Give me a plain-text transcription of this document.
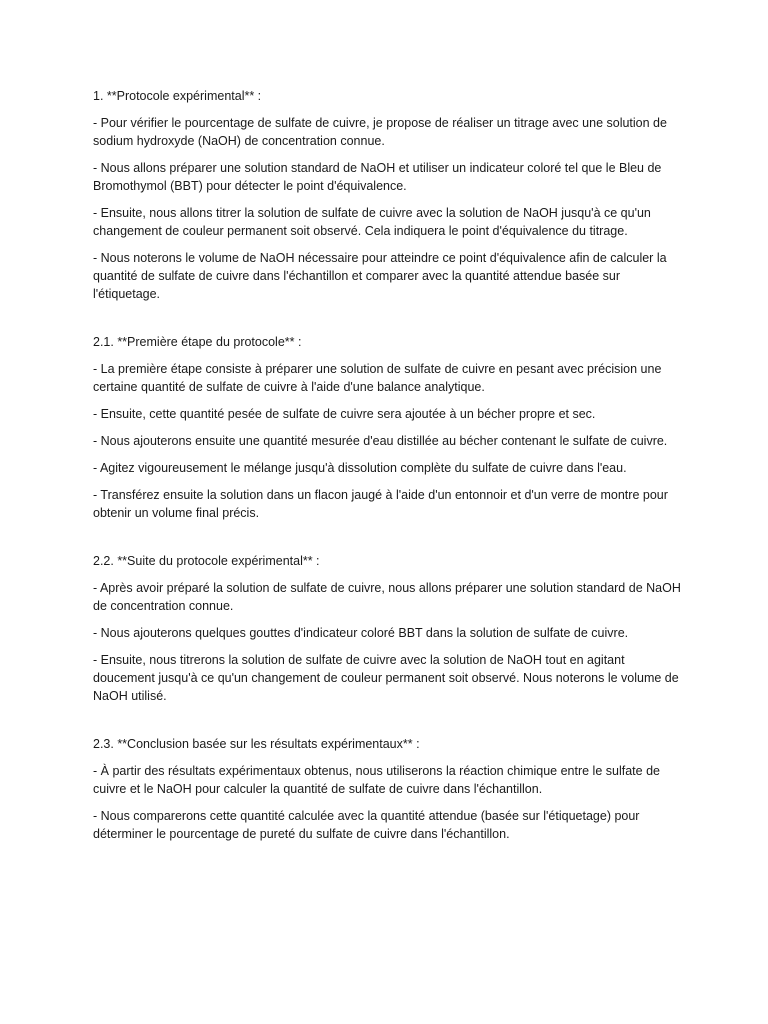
1. **Protocole expérimental** :

- Pour vérifier le pourcentage de sulfate de cuivre, je propose de réaliser un titrage avec une solution de sodium hydroxyde (NaOH) de concentration connue.

- Nous allons préparer une solution standard de NaOH et utiliser un indicateur coloré tel que le Bleu de Bromothymol (BBT) pour détecter le point d'équivalence.

- Ensuite, nous allons titrer la solution de sulfate de cuivre avec la solution de NaOH jusqu'à ce qu'un changement de couleur permanent soit observé. Cela indiquera le point d'équivalence du titrage.

- Nous noterons le volume de NaOH nécessaire pour atteindre ce point d'équivalence afin de calculer la quantité de sulfate de cuivre dans l'échantillon et comparer avec la quantité attendue basée sur l'étiquetage.

2.1. **Première étape du protocole** :

- La première étape consiste à préparer une solution de sulfate de cuivre en pesant avec précision une certaine quantité de sulfate de cuivre à l'aide d'une balance analytique.

- Ensuite, cette quantité pesée de sulfate de cuivre sera ajoutée à un bécher propre et sec.

- Nous ajouterons ensuite une quantité mesurée d'eau distillée au bécher contenant le sulfate de cuivre.

- Agitez vigoureusement le mélange jusqu'à dissolution complète du sulfate de cuivre dans l'eau.

- Transférez ensuite la solution dans un flacon jaugé à l'aide d'un entonnoir et d'un verre de montre pour obtenir un volume final précis.

2.2. **Suite du protocole expérimental** :

- Après avoir préparé la solution de sulfate de cuivre, nous allons préparer une solution standard de NaOH de concentration connue.

- Nous ajouterons quelques gouttes d'indicateur coloré BBT dans la solution de sulfate de cuivre.

- Ensuite, nous titrerons la solution de sulfate de cuivre avec la solution de NaOH tout en agitant doucement jusqu'à ce qu'un changement de couleur permanent soit observé. Nous noterons le volume de NaOH utilisé.

2.3. **Conclusion basée sur les résultats expérimentaux** :

- À partir des résultats expérimentaux obtenus, nous utiliserons la réaction chimique entre le sulfate de cuivre et le NaOH pour calculer la quantité de sulfate de cuivre dans l'échantillon.

- Nous comparerons cette quantité calculée avec la quantité attendue (basée sur l'étiquetage) pour déterminer le pourcentage de pureté du sulfate de cuivre dans l'échantillon.
